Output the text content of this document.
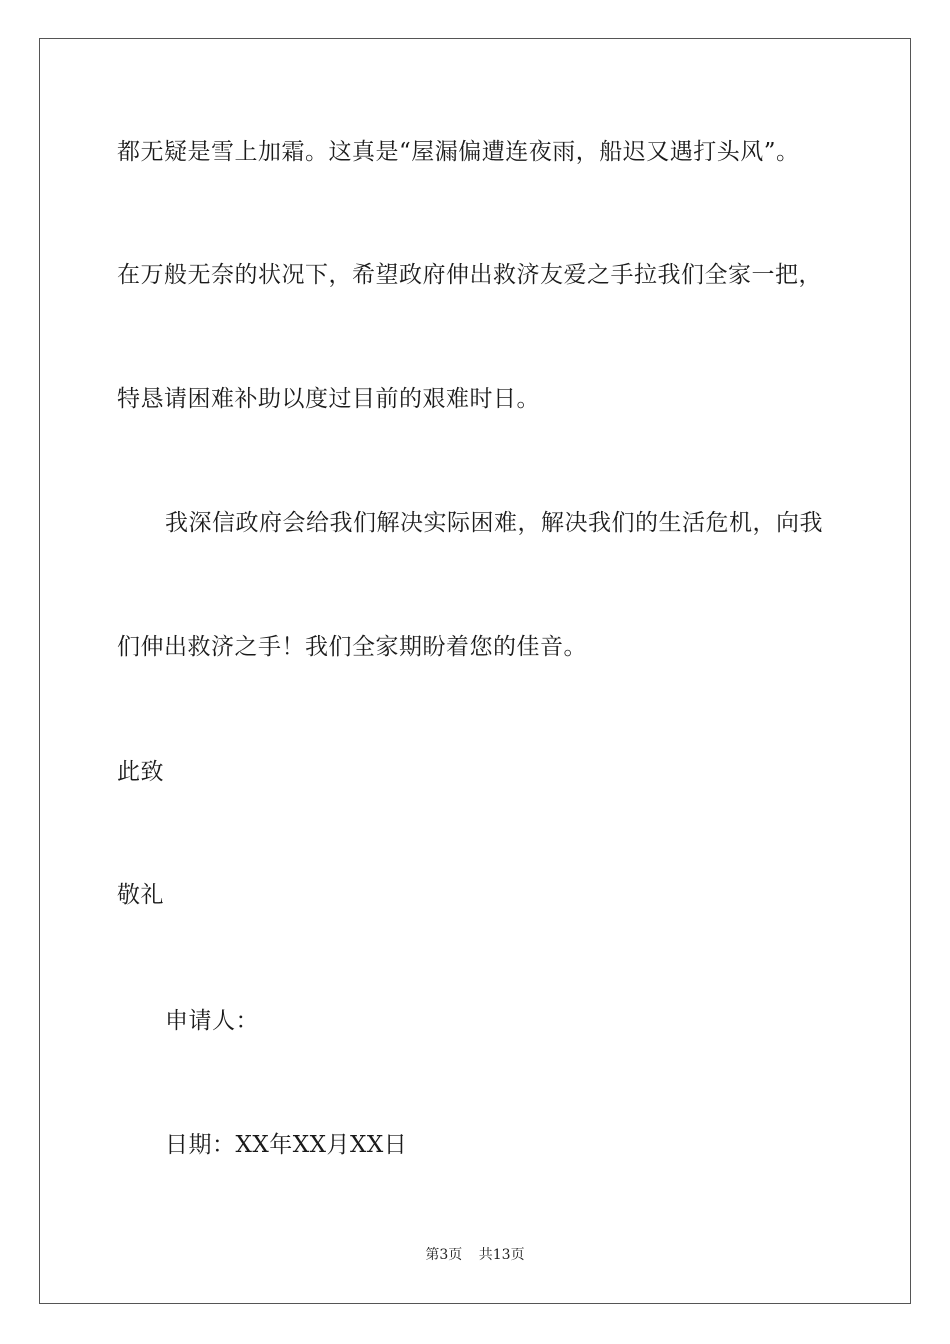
都无疑是雪上加霜。这真是“屋漏偏遭连夜雨，船迟又遇打头风”。
在万般无奈的状况下，希望政府伸出救济友爱之手拉我们全家一把，
特恳请困难补助以度过目前的艰难时日。
我深信政府会给我们解决实际困难，解决我们的生活危机，向我
们伸出救济之手！我们全家期盼着您的佳音。
此致
敬礼
申请人：
日期：XX年XX月XX日
第3页 共13页
